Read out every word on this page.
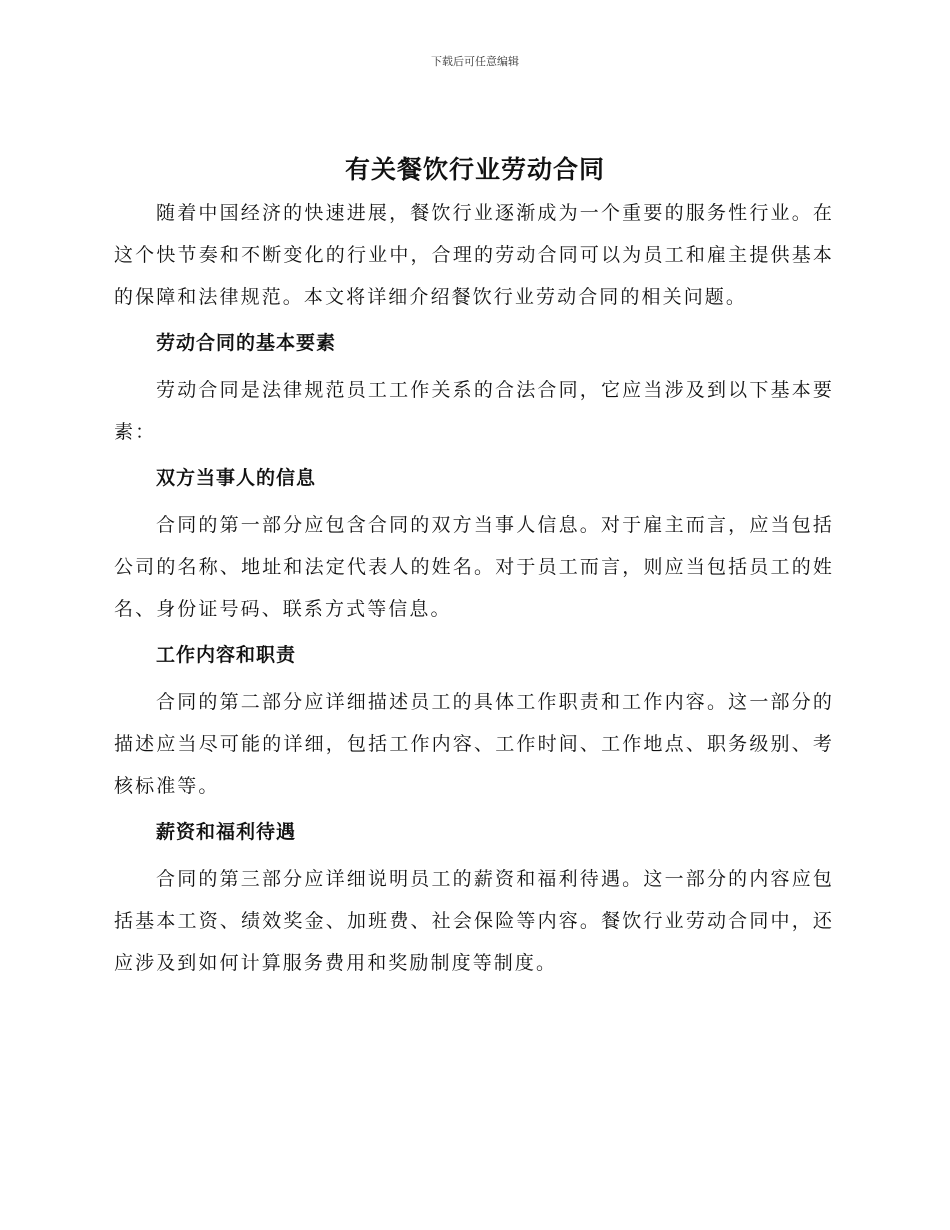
下载后可任意编辑
有关餐饮行业劳动合同

随着中国经济的快速进展，餐饮行业逐渐成为一个重要的服务性行业。在这个快节奏和不断变化的行业中，合理的劳动合同可以为员工和雇主提供基本的保障和法律规范。本文将详细介绍餐饮行业劳动合同的相关问题。

劳动合同的基本要素

劳动合同是法律规范员工工作关系的合法合同，它应当涉及到以下基本要素：

双方当事人的信息

合同的第一部分应包含合同的双方当事人信息。对于雇主而言，应当包括公司的名称、地址和法定代表人的姓名。对于员工而言，则应当包括员工的姓名、身份证号码、联系方式等信息。

工作内容和职责

合同的第二部分应详细描述员工的具体工作职责和工作内容。这一部分的描述应当尽可能的详细，包括工作内容、工作时间、工作地点、职务级别、考核标准等。

薪资和福利待遇

合同的第三部分应详细说明员工的薪资和福利待遇。这一部分的内容应包括基本工资、绩效奖金、加班费、社会保险等内容。餐饮行业劳动合同中，还应涉及到如何计算服务费用和奖励制度等制度。
